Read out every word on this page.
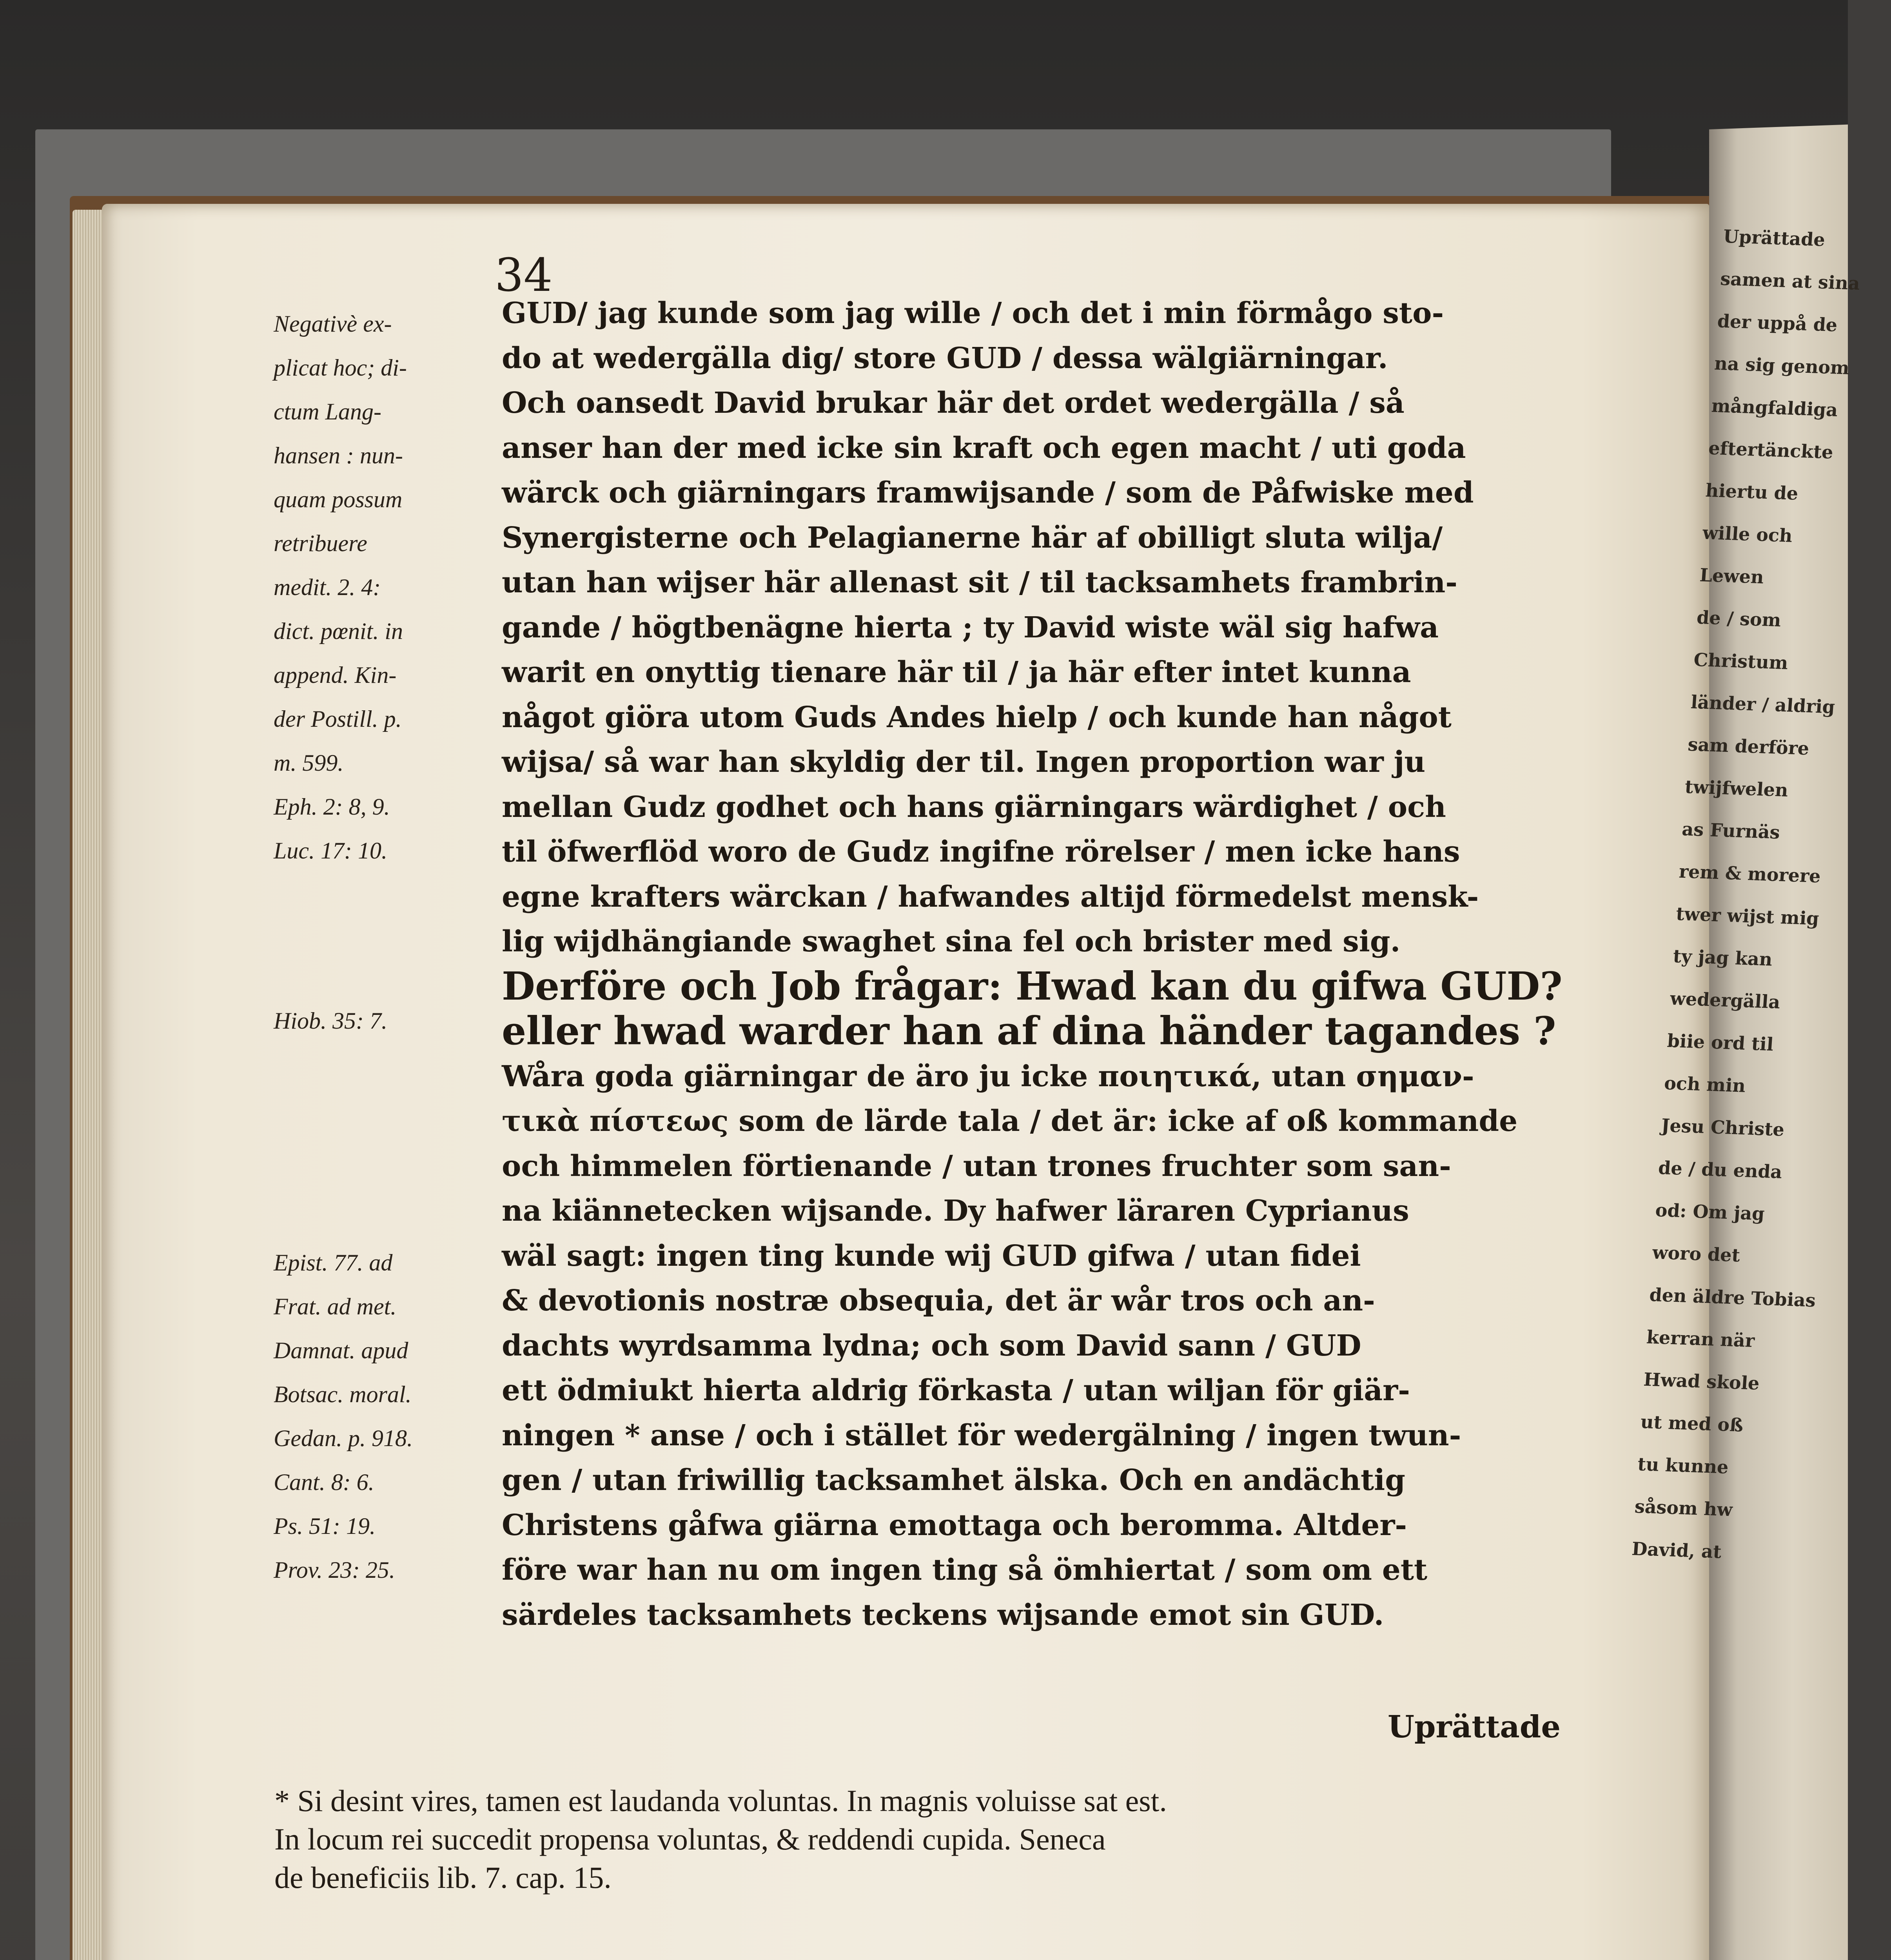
Uprättade
samen at sina
der uppå de
na sig genom
mångfaldiga
eftertänckte
hiertu de
wille och
Lewen
de / som
Christum
länder / aldrig
sam derföre
twijfwelen
as Furnäs
rem & morere
twer wijst mig
ty jag kan
wedergälla
biie ord til
och min
Jesu Christe
de / du enda
od: Om jag
woro det
den äldre Tobias
kerran när
Hwad skole
ut med oß
tu kunne
såsom hw
David, at
34
Negativè ex-
plicat hoc; di-
ctum Lang-
hansen : nun-
quam possum
retribuere
medit. 2. 4:
dict. pœnit. in
append. Kin-
der Postill. p.
m. 599.
Eph. 2: 8, 9.
Luc. 17: 10.
Hiob. 35: 7.
Epist. 77. ad
Frat. ad met.
Damnat. apud
Botsac. moral.
Gedan. p. 918.
Cant. 8: 6.
Ps. 51: 19.
Prov. 23: 25.
GUD/ jag kunde som jag wille / och det i min förmågo sto-
do at wedergälla dig/ store GUD / dessa wälgiärningar.
Och oansedt David brukar här det ordet wedergälla / så
anser han der med icke sin kraft och egen macht / uti goda
wärck och giärningars framwijsande / som de Påfwiske med
Synergisterne och Pelagianerne här af obilligt sluta wilja/
utan han wijser här allenast sit / til tacksamhets frambrin-
gande / högtbenägne hierta ; ty David wiste wäl sig hafwa
warit en onyttig tienare här til / ja här efter intet kunna
något giöra utom Guds Andes hielp / och kunde han något
wijsa/ så war han skyldig der til. Ingen proportion war ju
mellan Gudz godhet och hans giärningars wärdighet / och
til öfwerflöd woro de Gudz ingifne rörelser / men icke hans
egne krafters wärckan / hafwandes altijd förmedelst mensk-
lig wijdhängiande swaghet sina fel och brister med sig.
Derföre och Job frågar: Hwad kan du gifwa GUD?
eller hwad warder han af dina händer tagandes ?
Wåra goda giärningar de äro ju icke ποιητικά, utan σημαν-
τικὰ πίστεως som de lärde tala / det är: icke af oß kommande
och himmelen förtienande / utan trones fruchter som san-
na kiännetecken wijsande. Dy hafwer läraren Cyprianus
wäl sagt: ingen ting kunde wij GUD gifwa / utan fidei
& devotionis nostræ obsequia, det är wår tros och an-
dachts wyrdsamma lydna; och som David sann / GUD
ett ödmiukt hierta aldrig förkasta / utan wiljan för giär-
ningen * anse / och i stället för wedergälning / ingen twun-
gen / utan friwillig tacksamhet älska. Och en andächtig
Christens gåfwa giärna emottaga och beromma. Altder-
före war han nu om ingen ting så ömhiertat / som om ett
särdeles tacksamhets teckens wijsande emot sin GUD.
Uprättade
* Si desint vires, tamen est laudanda voluntas. In magnis voluisse sat est.
In locum rei succedit propensa voluntas, & reddendi cupida. Seneca
de beneficiis lib. 7. cap. 15.
